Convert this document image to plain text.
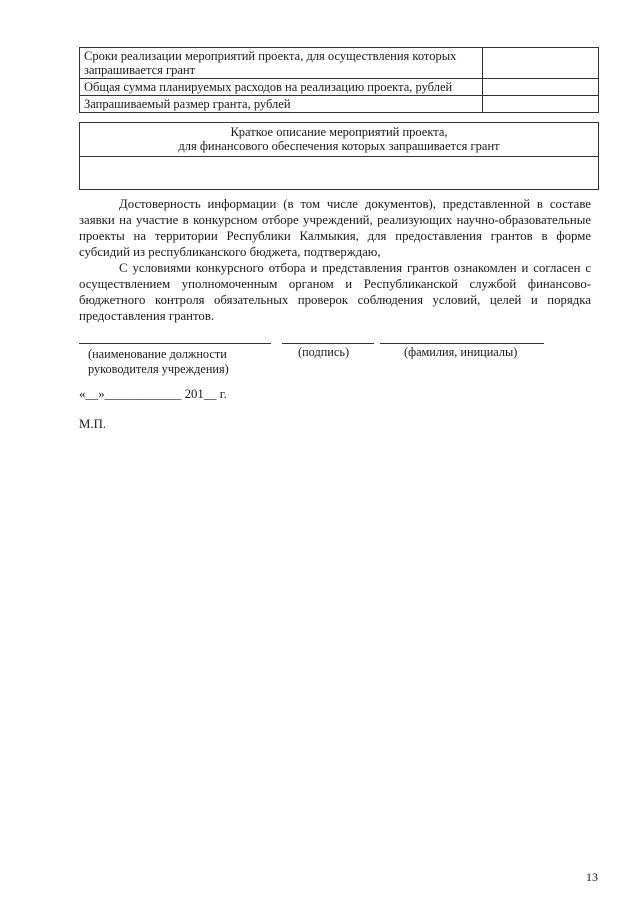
Сроки реализации мероприятий проекта, для осуществления которых запрашивается грант	
Общая сумма планируемых расходов на реализацию проекта, рублей	
Запрашиваемый размер гранта, рублей	
Краткое описание мероприятий проекта,
для финансового обеспечения которых запрашивается грант

Достоверность информации (в том числе документов), представленной в составе заявки на участие в конкурсном отборе учреждений, реализующих научно-образовательные проекты на территории Республики Калмыкия, для предоставления грантов в форме субсидий из республиканского бюджета, подтверждаю,

С условиями конкурсного отбора и представления грантов ознакомлен и согласен с осуществлением уполномоченным органом и Республиканской службой финансово-бюджетного контроля обязательных проверок соблюдения условий, целей и порядка предоставления грантов.

(наименование должности руководителя учреждения)

(подпись)	(фамилия, инициалы)

«__»____________ 201__ г.

М.П.

13
